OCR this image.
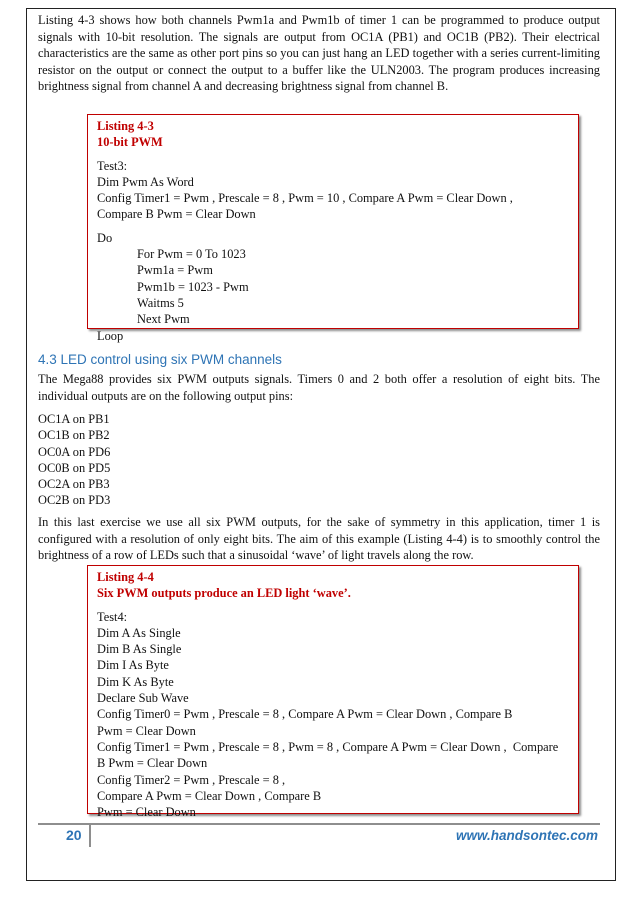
Listing 4-3 shows how both channels Pwm1a and Pwm1b of timer 1 can be programmed to produce output signals with 10-bit resolution. The signals are output from OC1A (PB1) and OC1B (PB2). Their electrical characteristics are the same as other port pins so you can just hang an LED together with a series current-limiting resistor on the output or connect the output to a buffer like the ULN2003. The program produces increasing brightness signal from channel A and decreasing brightness signal from channel B.
Listing 4-3
10-bit PWM
Test3:
Dim Pwm As Word
Config Timer1 = Pwm , Prescale = 8 , Pwm = 10 , Compare A Pwm = Clear Down ,
Compare B Pwm = Clear Down
Do
For Pwm = 0 To 1023
Pwm1a = Pwm
Pwm1b = 1023 - Pwm
Waitms 5
Next Pwm
Loop
4.3 LED control using six PWM channels
The Mega88 provides six PWM outputs signals. Timers 0 and 2 both offer a resolution of eight bits. The individual outputs are on the following output pins:
OC1A on PB1
OC1B on PB2
OC0A on PD6
OC0B on PD5
OC2A on PB3
OC2B on PD3
In this last exercise we use all six PWM outputs, for the sake of symmetry in this application, timer 1 is configured with a resolution of only eight bits. The aim of this example (Listing 4-4) is to smoothly control the brightness of a row of LEDs such that a sinusoidal ‘wave’ of light travels along the row.
Listing 4-4
Six PWM outputs produce an LED light ‘wave’.
Test4:
Dim A As Single
Dim B As Single
Dim I As Byte
Dim K As Byte
Declare Sub Wave
Config Timer0 = Pwm , Prescale = 8 , Compare A Pwm = Clear Down , Compare B
Pwm = Clear Down
Config Timer1 = Pwm , Prescale = 8 , Pwm = 8 , Compare A Pwm = Clear Down ,  Compare
B Pwm = Clear Down
Config Timer2 = Pwm , Prescale = 8 ,
Compare A Pwm = Clear Down , Compare B
Pwm = Clear Down
20	www.handsontec.com
